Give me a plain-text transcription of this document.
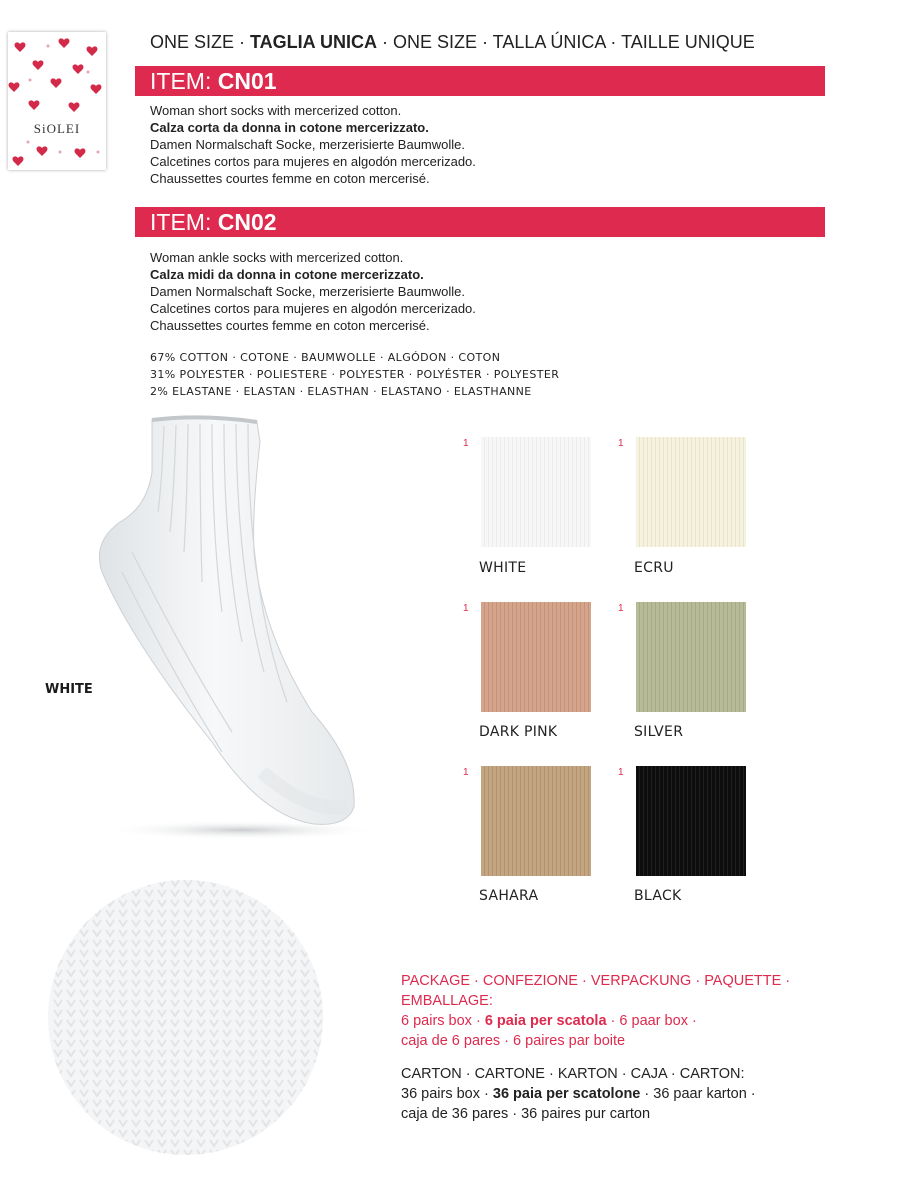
SiOLEI
ONE SIZE · TAGLIA UNICA · ONE SIZE · TALLA ÚNICA · TAILLE UNIQUE
ITEM: CN01
Woman short socks with mercerized cotton.
Calza corta da donna in cotone mercerizzato.
Damen Normalschaft Socke, merzerisierte Baumwolle.
Calcetines cortos para mujeres en algodón mercerizado.
Chaussettes courtes femme en coton mercerisé.
ITEM: CN02
Woman ankle socks with mercerized cotton.
Calza midi da donna in cotone mercerizzato.
Damen Normalschaft Socke, merzerisierte Baumwolle.
Calcetines cortos para mujeres en algodón mercerizado.
Chaussettes courtes femme en coton mercerisé.
67% COTTON · COTONE · BAUMWOLLE · ALGÓDON · COTON
31% POLYESTER · POLIESTERE · POLYESTER · POLYÉSTER · POLYESTER
2% ELASTANE · ELASTAN · ELASTHAN · ELASTANO · ELASTHANNE
WHITE
1
WHITE
1
ECRU
1
DARK PINK
1
SILVER
1
SAHARA
1
BLACK
PACKAGE · CONFEZIONE · VERPACKUNG · PAQUETTE ·
EMBALLAGE:
6 pairs box · 6 paia per scatola · 6 paar box ·
caja de 6 pares · 6 paires par boite
CARTON · CARTONE · KARTON · CAJA · CARTON:
36 pairs box · 36 paia per scatolone · 36 paar karton ·
caja de 36 pares · 36 paires pur carton
